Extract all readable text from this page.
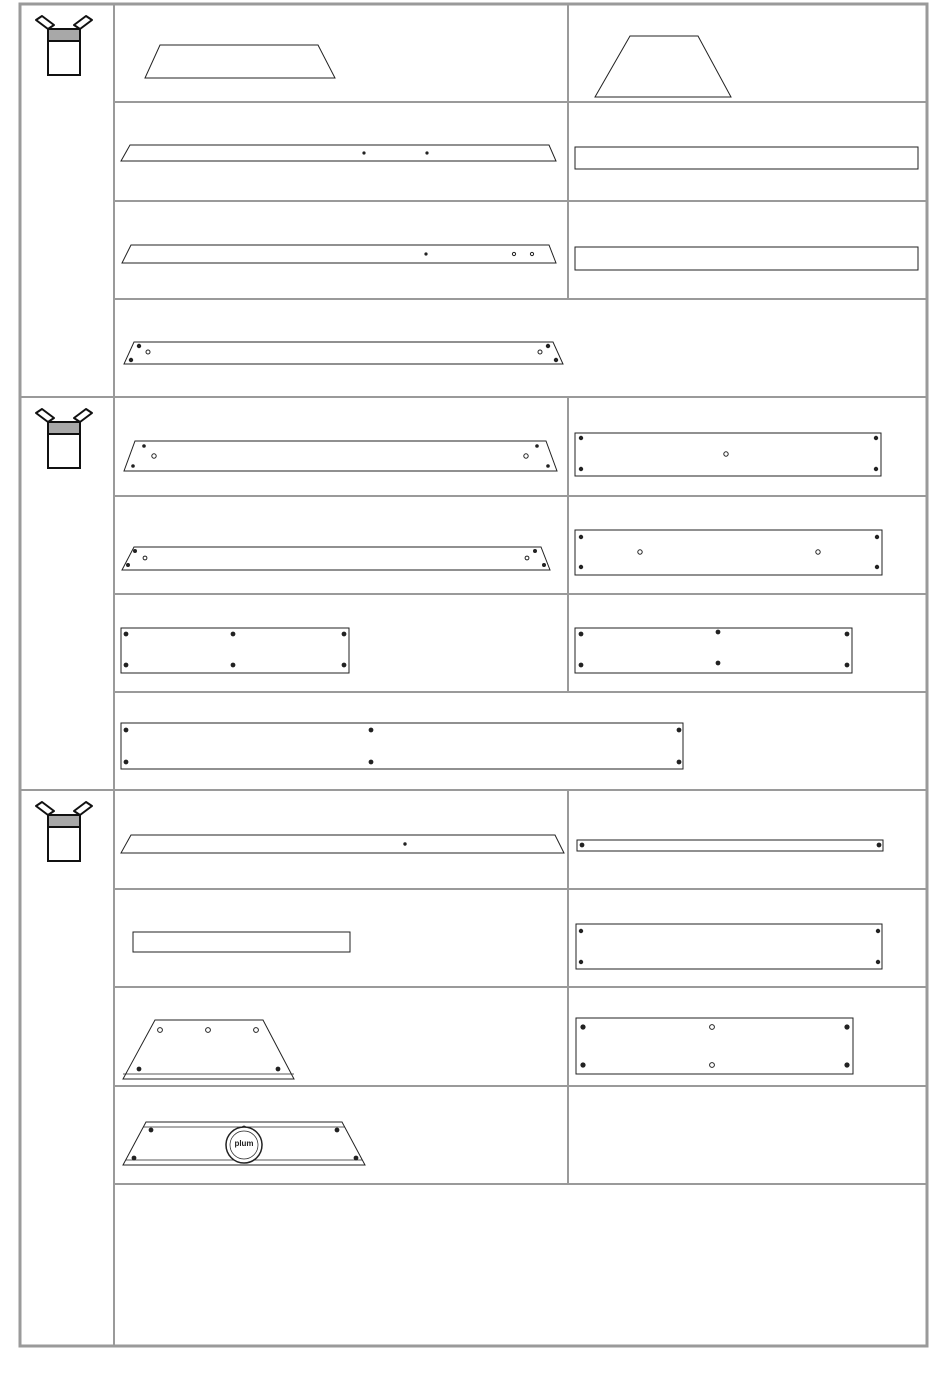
plum
